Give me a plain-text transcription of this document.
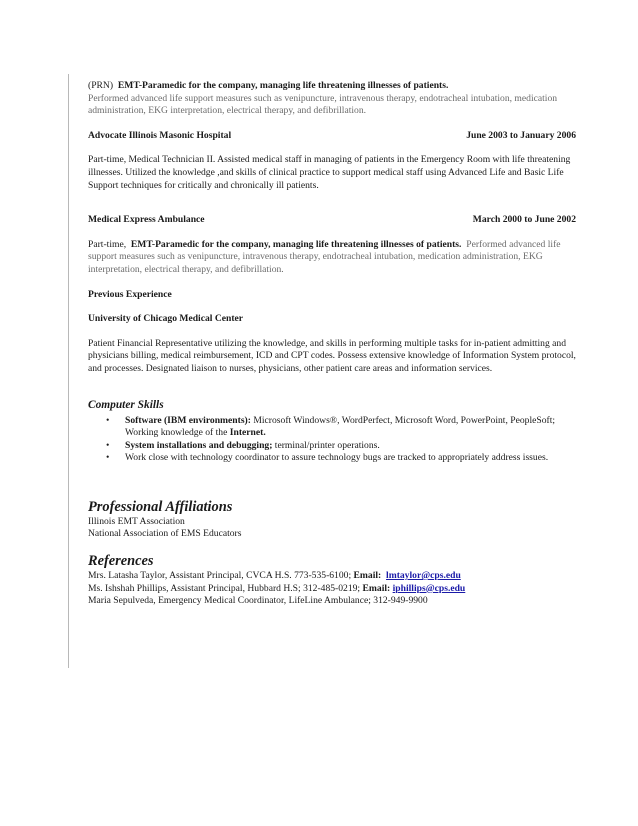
(PRN) EMT-Paramedic for the company, managing life threatening illnesses of patients.

Performed advanced life support measures such as venipuncture, intravenous therapy, endotracheal intubation, medication administration, EKG interpretation, electrical therapy, and defibrillation.

Advocate Illinois Masonic Hospital	June 2003 to January 2006

Part-time, Medical Technician II. Assisted medical staff in managing of patients in the Emergency Room with life threatening illnesses. Utilized the knowledge ,and skills of clinical practice to support medical staff using Advanced Life and Basic Life Support techniques for critically and chronically ill patients.

Medical Express Ambulance	March 2000 to June 2002

Part-time, EMT-Paramedic for the company, managing life threatening illnesses of patients. Performed advanced life support measures such as venipuncture, intravenous therapy, endotracheal intubation, medication administration, EKG interpretation, electrical therapy, and defibrillation.

Previous Experience

University of Chicago Medical Center

Patient Financial Representative utilizing the knowledge, and skills in performing multiple tasks for in-patient admitting and physicians billing, medical reimbursement, ICD and CPT codes. Possess extensive knowledge of Information System protocol, and processes. Designated liaison to nurses, physicians, other patient care areas and information services.

Computer Skills

• Software (IBM environments): Microsoft Windows®, WordPerfect, Microsoft Word, PowerPoint, PeopleSoft; Working knowledge of the Internet.
• System installations and debugging; terminal/printer operations.
• Work close with technology coordinator to assure technology bugs are tracked to appropriately address issues.

Professional Affiliations

Illinois EMT Association

National Association of EMS Educators

References

Mrs. Latasha Taylor, Assistant Principal, CVCA H.S. 773-535-6100; Email: lmtaylor@cps.edu

Ms. Ishshah Phillips, Assistant Principal, Hubbard H.S; 312-485-0219; Email: iphillips@cps.edu

Maria Sepulveda, Emergency Medical Coordinator, LifeLine Ambulance; 312-949-9900
